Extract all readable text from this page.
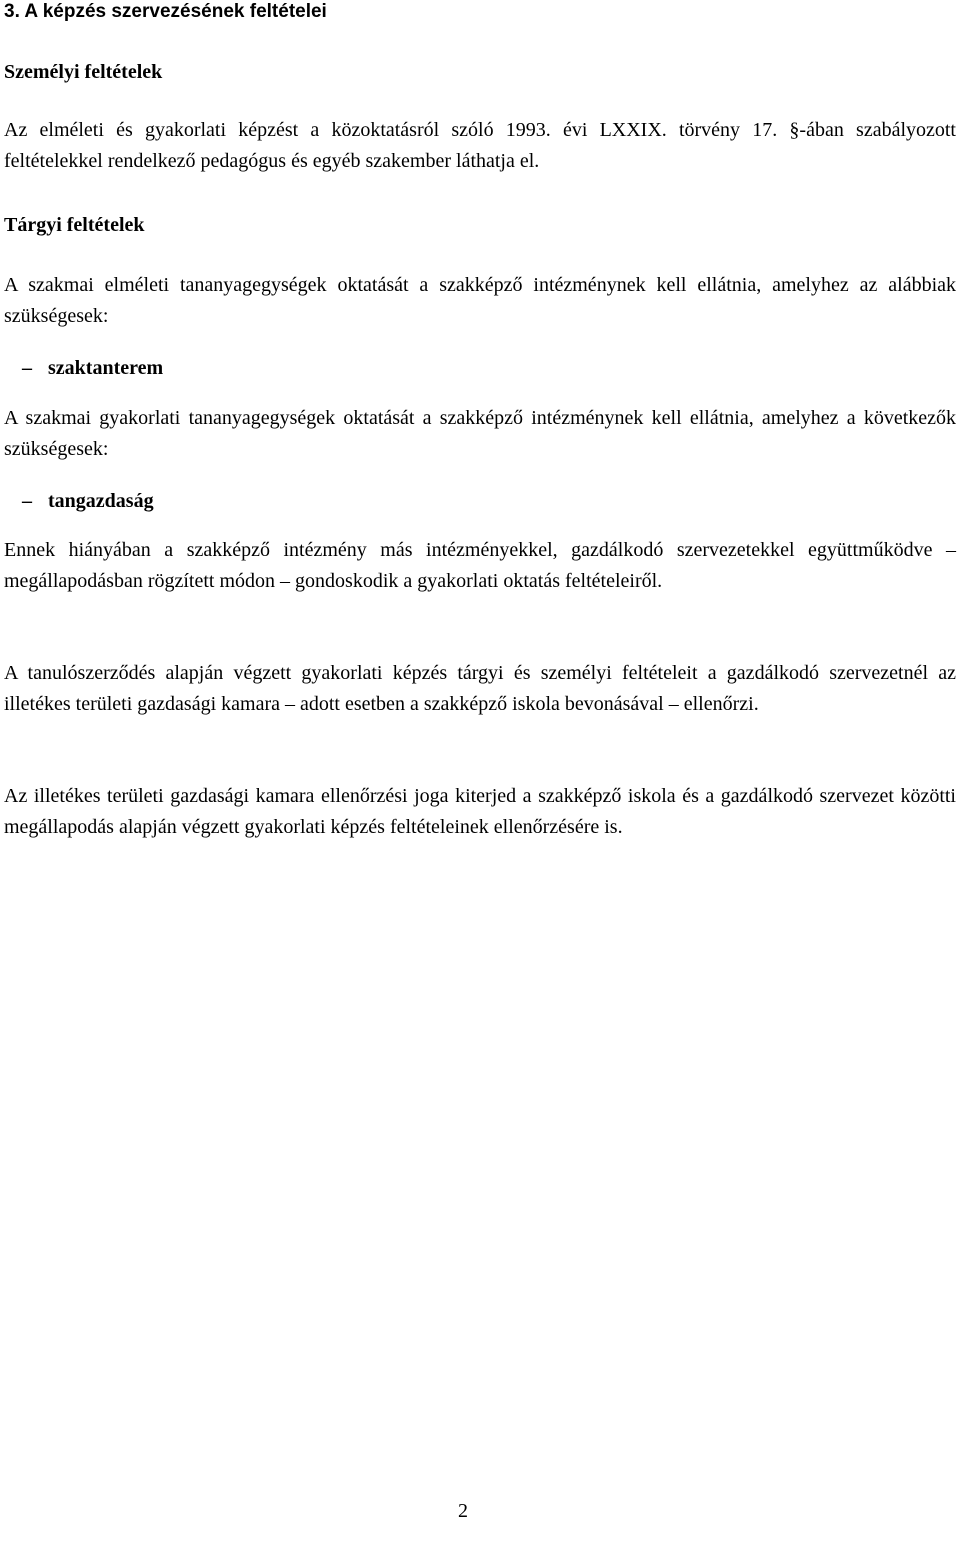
3. A képzés szervezésének feltételei
Személyi feltételek

Az elméleti és gyakorlati képzést a közoktatásról szóló 1993. évi LXXIX. törvény 17. §-ában szabályozott feltételekkel rendelkező pedagógus és egyéb szakember láthatja el.

Tárgyi feltételek

A szakmai elméleti tananyagegységek oktatását a szakképző intézménynek kell ellátnia, amelyhez az alábbiak szükségesek:

– szaktanterem

A szakmai gyakorlati tananyagegységek oktatását a szakképző intézménynek kell ellátnia, amelyhez a következők szükségesek:

– tangazdaság

Ennek hiányában a szakképző intézmény más intézményekkel, gazdálkodó szervezetekkel együttműködve – megállapodásban rögzített módon – gondoskodik a gyakorlati oktatás feltételeiről.

A tanulószerződés alapján végzett gyakorlati képzés tárgyi és személyi feltételeit a gazdálkodó szervezetnél az illetékes területi gazdasági kamara – adott esetben a szakképző iskola bevonásával – ellenőrzi.

Az illetékes területi gazdasági kamara ellenőrzési joga kiterjed a szakképző iskola és a gazdálkodó szervezet közötti megállapodás alapján végzett gyakorlati képzés feltételeinek ellenőrzésére is.

2
